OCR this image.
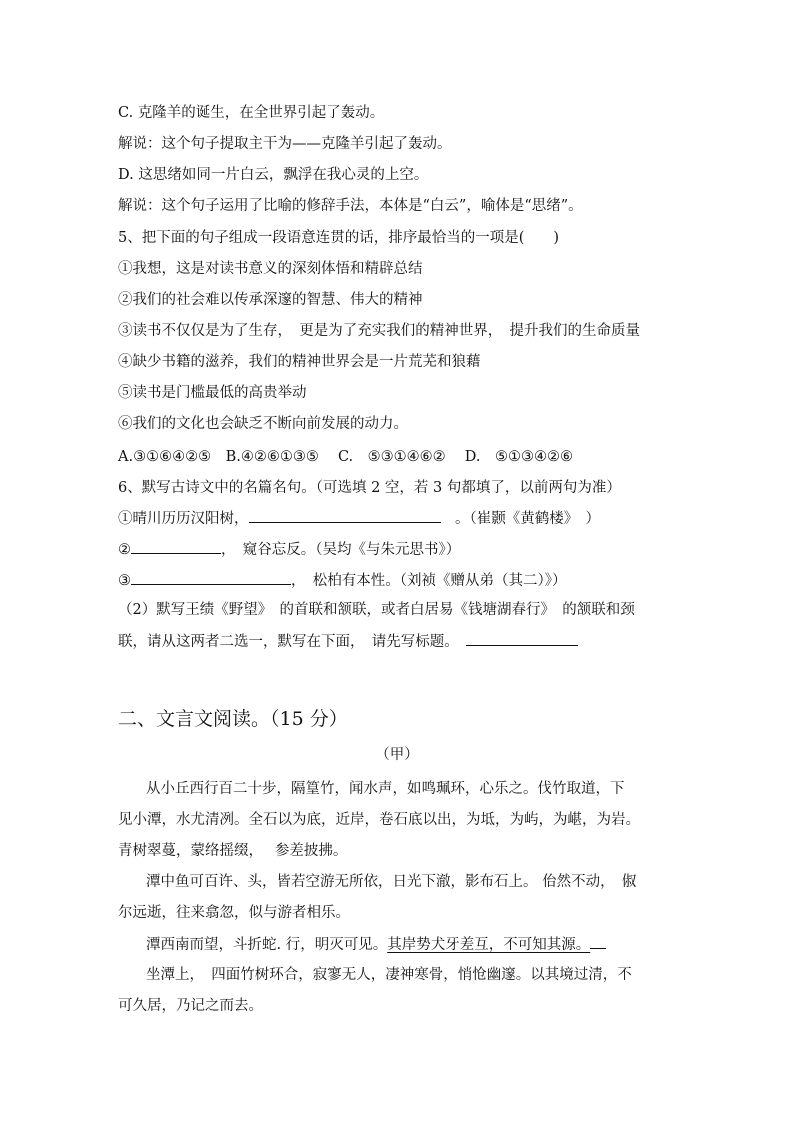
C. 克隆羊的诞生，在全世界引起了轰动。
解说：这个句子提取主干为——克隆羊引起了轰动。
D. 这思绪如同一片白云，飘浮在我心灵的上空。
解说：这个句子运用了比喻的修辞手法，本体是“白云”，喻体是“思绪”。
5、把下面的句子组成一段语意连贯的话，排序最恰当的一项是(　　)
①我想，这是对读书意义的深刻体悟和精辟总结
②我们的社会难以传承深邃的智慧、伟大的精神
③读书不仅仅是为了生存，　更是为了充实我们的精神世界，　提升我们的生命质量
④缺少书籍的滋养，我们的精神世界会是一片荒芜和狼藉
⑤读书是门槛最低的高贵举动
⑥我们的文化也会缺乏不断向前发展的动力。
A.③①⑥④②⑤　B.④②⑥①③⑤　 C.　⑤③①④⑥②　 D.　⑤①③④②⑥
6、默写古诗文中的名篇名句。（可选填 2 空，若 3 句都填了，以前两句为准）
①晴川历历汉阳树，	　。（崔颢《黄鹤楼》　）
②	，　窥谷忘反。（吴均《与朱元思书》）
③	，　松柏有本性。（刘祯《赠从弟（其二）》）
（2）默写王绩《野望》　的首联和颔联，或者白居易《钱塘湖春行》　的颔联和颈
联，请从这两者二选一，默写在下面，　请先写标题。　
二、文言文阅读。（15 分）
（甲）
从小丘西行百二十步，隔篁竹，闻水声，如鸣珮环，心乐之。伐竹取道，下
见小潭，水尤清冽。全石以为底，近岸，卷石底以出，为坻，为屿，为嵁，为岩。
青树翠蔓，蒙络摇缀，　 参差披拂。
潭中鱼可百许、头，皆若空游无所依，日光下澈，影布石上。 佁然不动，　俶
尔远逝，往来翕忽，似与游者相乐。
潭西南而望，斗折蛇. 行，明灭可见。其岸势犬牙差互，不可知其源。
坐潭上，　四面竹树环合，寂寥无人，凄神寒骨，悄怆幽邃。以其境过清，不
可久居，乃记之而去。
